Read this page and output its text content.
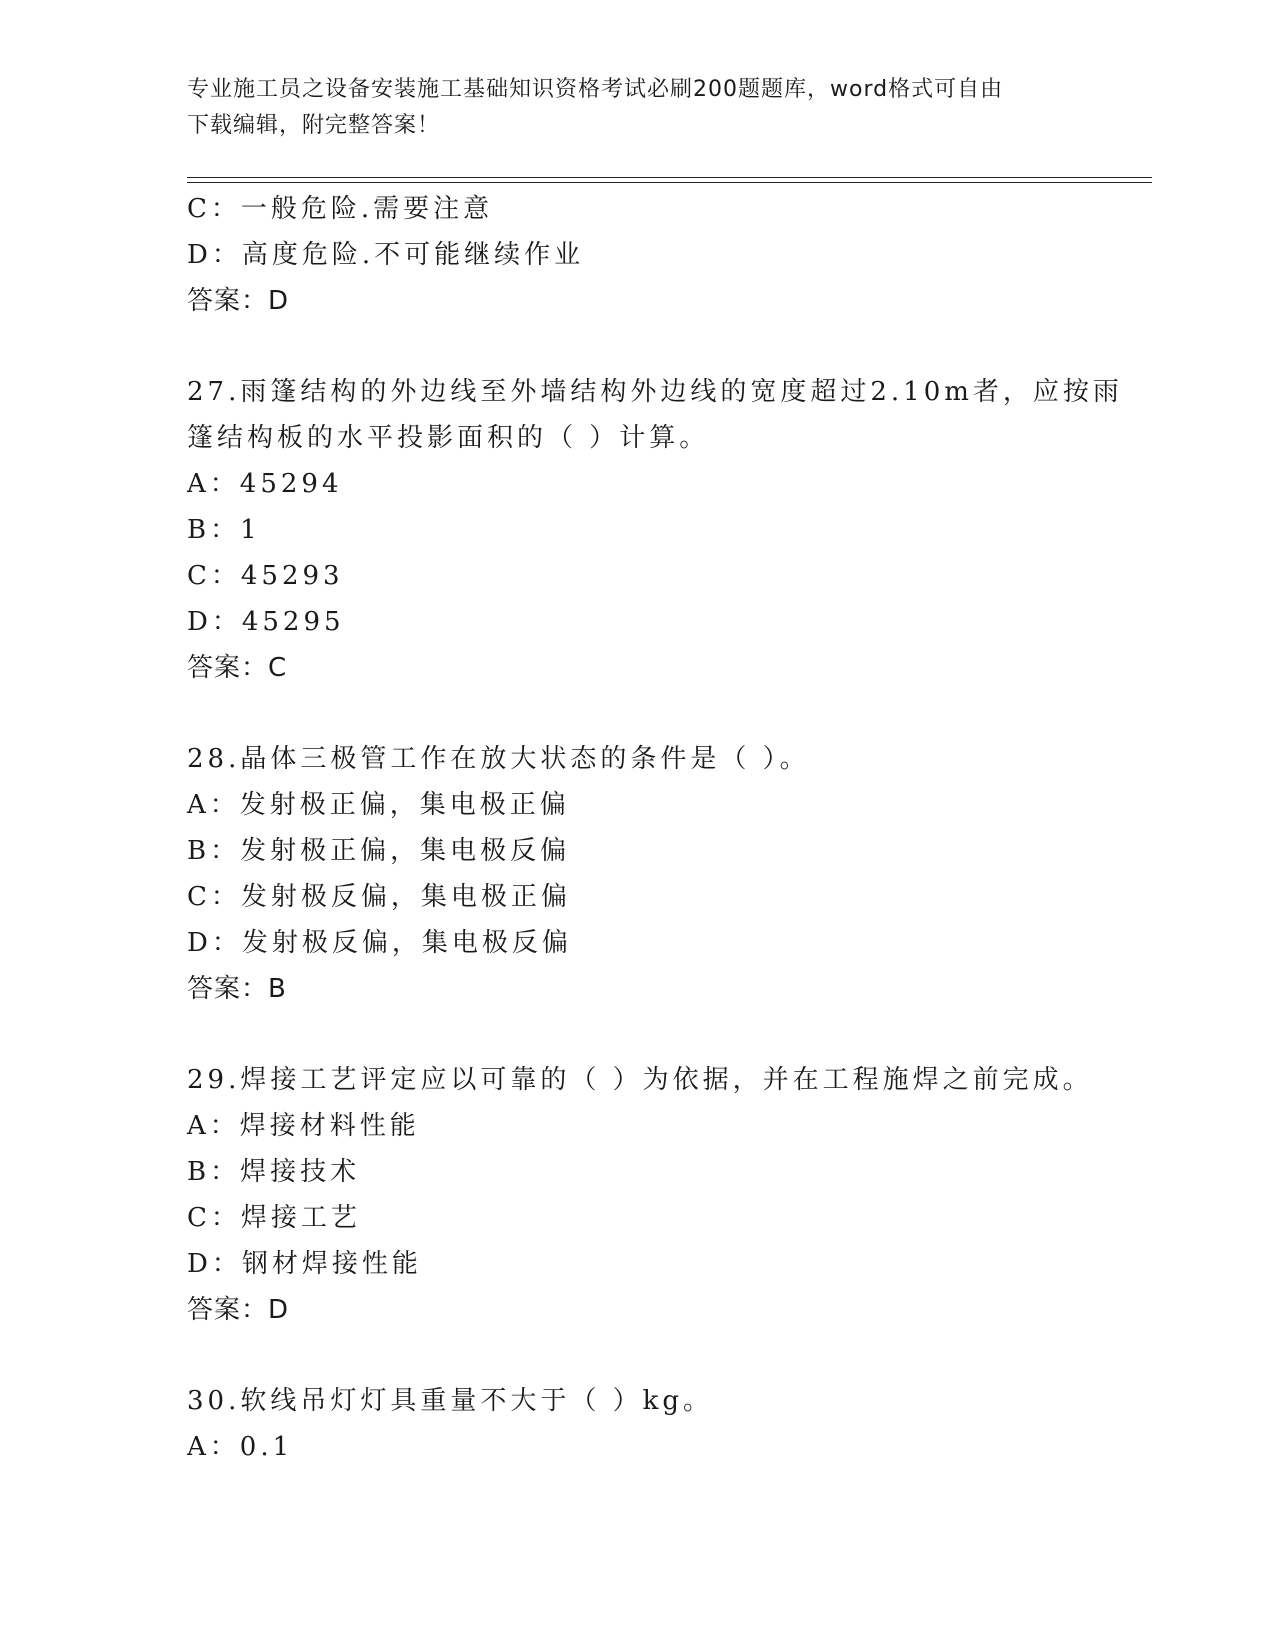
专业施工员之设备安装施工基础知识资格考试必刷200题题库，word格式可自由
下载编辑，附完整答案！
C：一般危险.需要注意
D：高度危险.不可能继续作业
答案：D
27.雨篷结构的外边线至外墙结构外边线的宽度超过2.10m者，应按雨
篷结构板的水平投影面积的（ ）计算。
A：45294
B：1
C：45293
D：45295
答案：C
28.晶体三极管工作在放大状态的条件是（ ）。
A：发射极正偏，集电极正偏
B：发射极正偏，集电极反偏
C：发射极反偏，集电极正偏
D：发射极反偏，集电极反偏
答案：B
29.焊接工艺评定应以可靠的（ ）为依据，并在工程施焊之前完成。
A：焊接材料性能
B：焊接技术
C：焊接工艺
D：钢材焊接性能
答案：D
30.软线吊灯灯具重量不大于（ ）kg。
A：0.1
